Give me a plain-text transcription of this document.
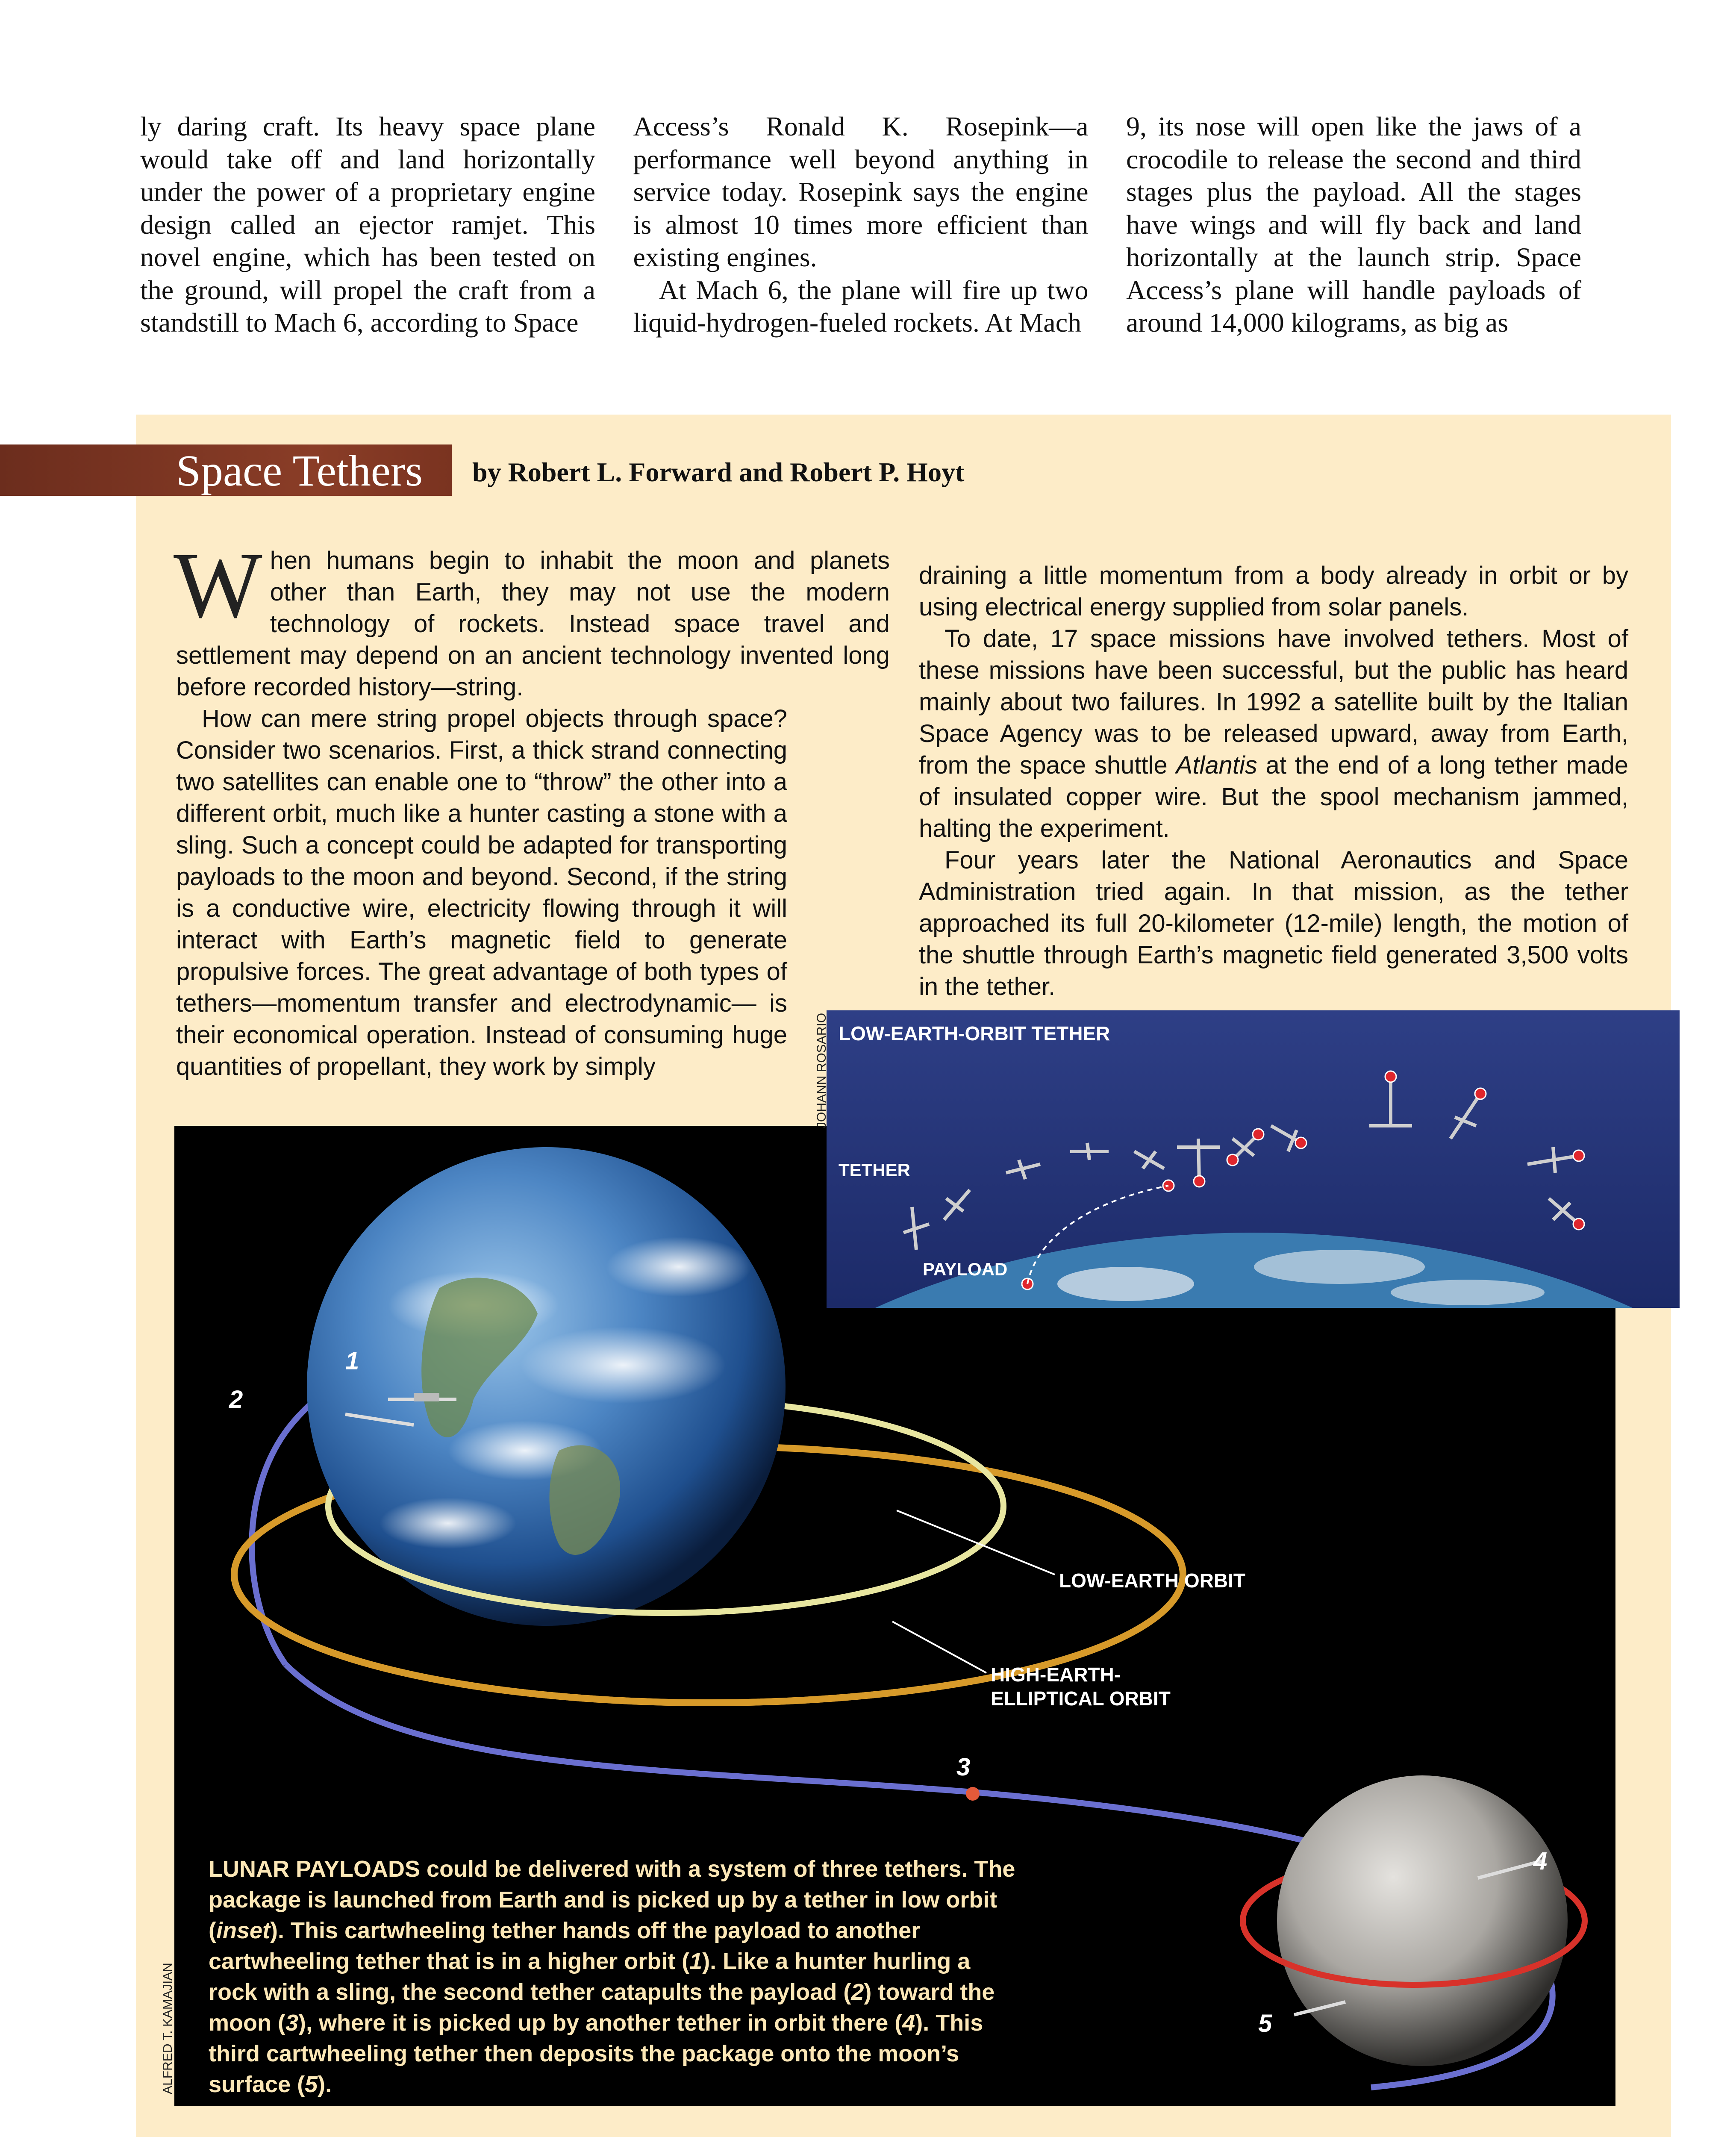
ly daring craft. Its heavy space plane would take off and land horizontally under the power of a proprietary engine design called an ejector ramjet. This novel engine, which has been tested on the ground, will propel the craft from a standstill to Mach 6, according to Space

Access’s Ronald K. Rosepink—a performance well beyond anything in service today. Rosepink says the engine is almost 10 times more efficient than existing engines.

At Mach 6, the plane will fire up two liquid-hydrogen-fueled rockets. At Mach

9, its nose will open like the jaws of a crocodile to release the second and third stages plus the payload. All the stages have wings and will fly back and land horizontally at the launch strip. Space Access’s plane will handle payloads of around 14,000 kilograms, as big as

Space Tethers by Robert L. Forward and Robert P. Hoyt

When humans begin to inhabit the moon and planets other than Earth, they may not use the modern technology of rockets. Instead space travel and settlement may depend on an ancient technology invented long before recorded history—string.

How can mere string propel objects through space? Consider two scenarios. First, a thick strand connecting two satellites can enable one to “throw” the other into a different orbit, much like a hunter casting a stone with a sling. Such a concept could be adapted for transporting payloads to the moon and beyond. Second, if the string is a conductive wire, electricity flowing through it will interact with Earth’s magnetic field to generate propulsive forces. The great advantage of both types of tethers—momentum transfer and electrodynamic— is their economical operation. Instead of consuming huge quantities of propellant, they work by simply

draining a little momentum from a body already in orbit or by using electrical energy supplied from solar panels.

To date, 17 space missions have involved tethers. Most of these missions have been successful, but the public has heard mainly about two failures. In 1992 a satellite built by the Italian Space Agency was to be released upward, away from Earth, from the space shuttle Atlantis at the end of a long tether made of insulated copper wire. But the spool mechanism jammed, halting the experiment.

Four years later the National Aeronautics and Space Administration tried again. In that mission, as the tether approached its full 20-kilometer (12-mile) length, the motion of the shuttle through Earth’s magnetic field generated 3,500 volts in the tether.

LOW-EARTH ORBIT
HIGH-EARTH-
ELLIPTICAL ORBIT
1
2
3
4
5
LOW-EARTH-ORBIT TETHER
TETHER
PAYLOAD
JOHANN ROSARIO
ALFRED T. KAMAJIAN

LUNAR PAYLOADS could be delivered with a system of three tethers. The package is launched from Earth and is picked up by a tether in low orbit (inset). This cartwheeling tether hands off the payload to another cartwheeling tether that is in a higher orbit (1). Like a hunter hurling a rock with a sling, the second tether catapults the payload (2) toward the moon (3), where it is picked up by another tether in orbit there (4). This third cartwheeling tether then deposits the package onto the moon’s surface (5).
